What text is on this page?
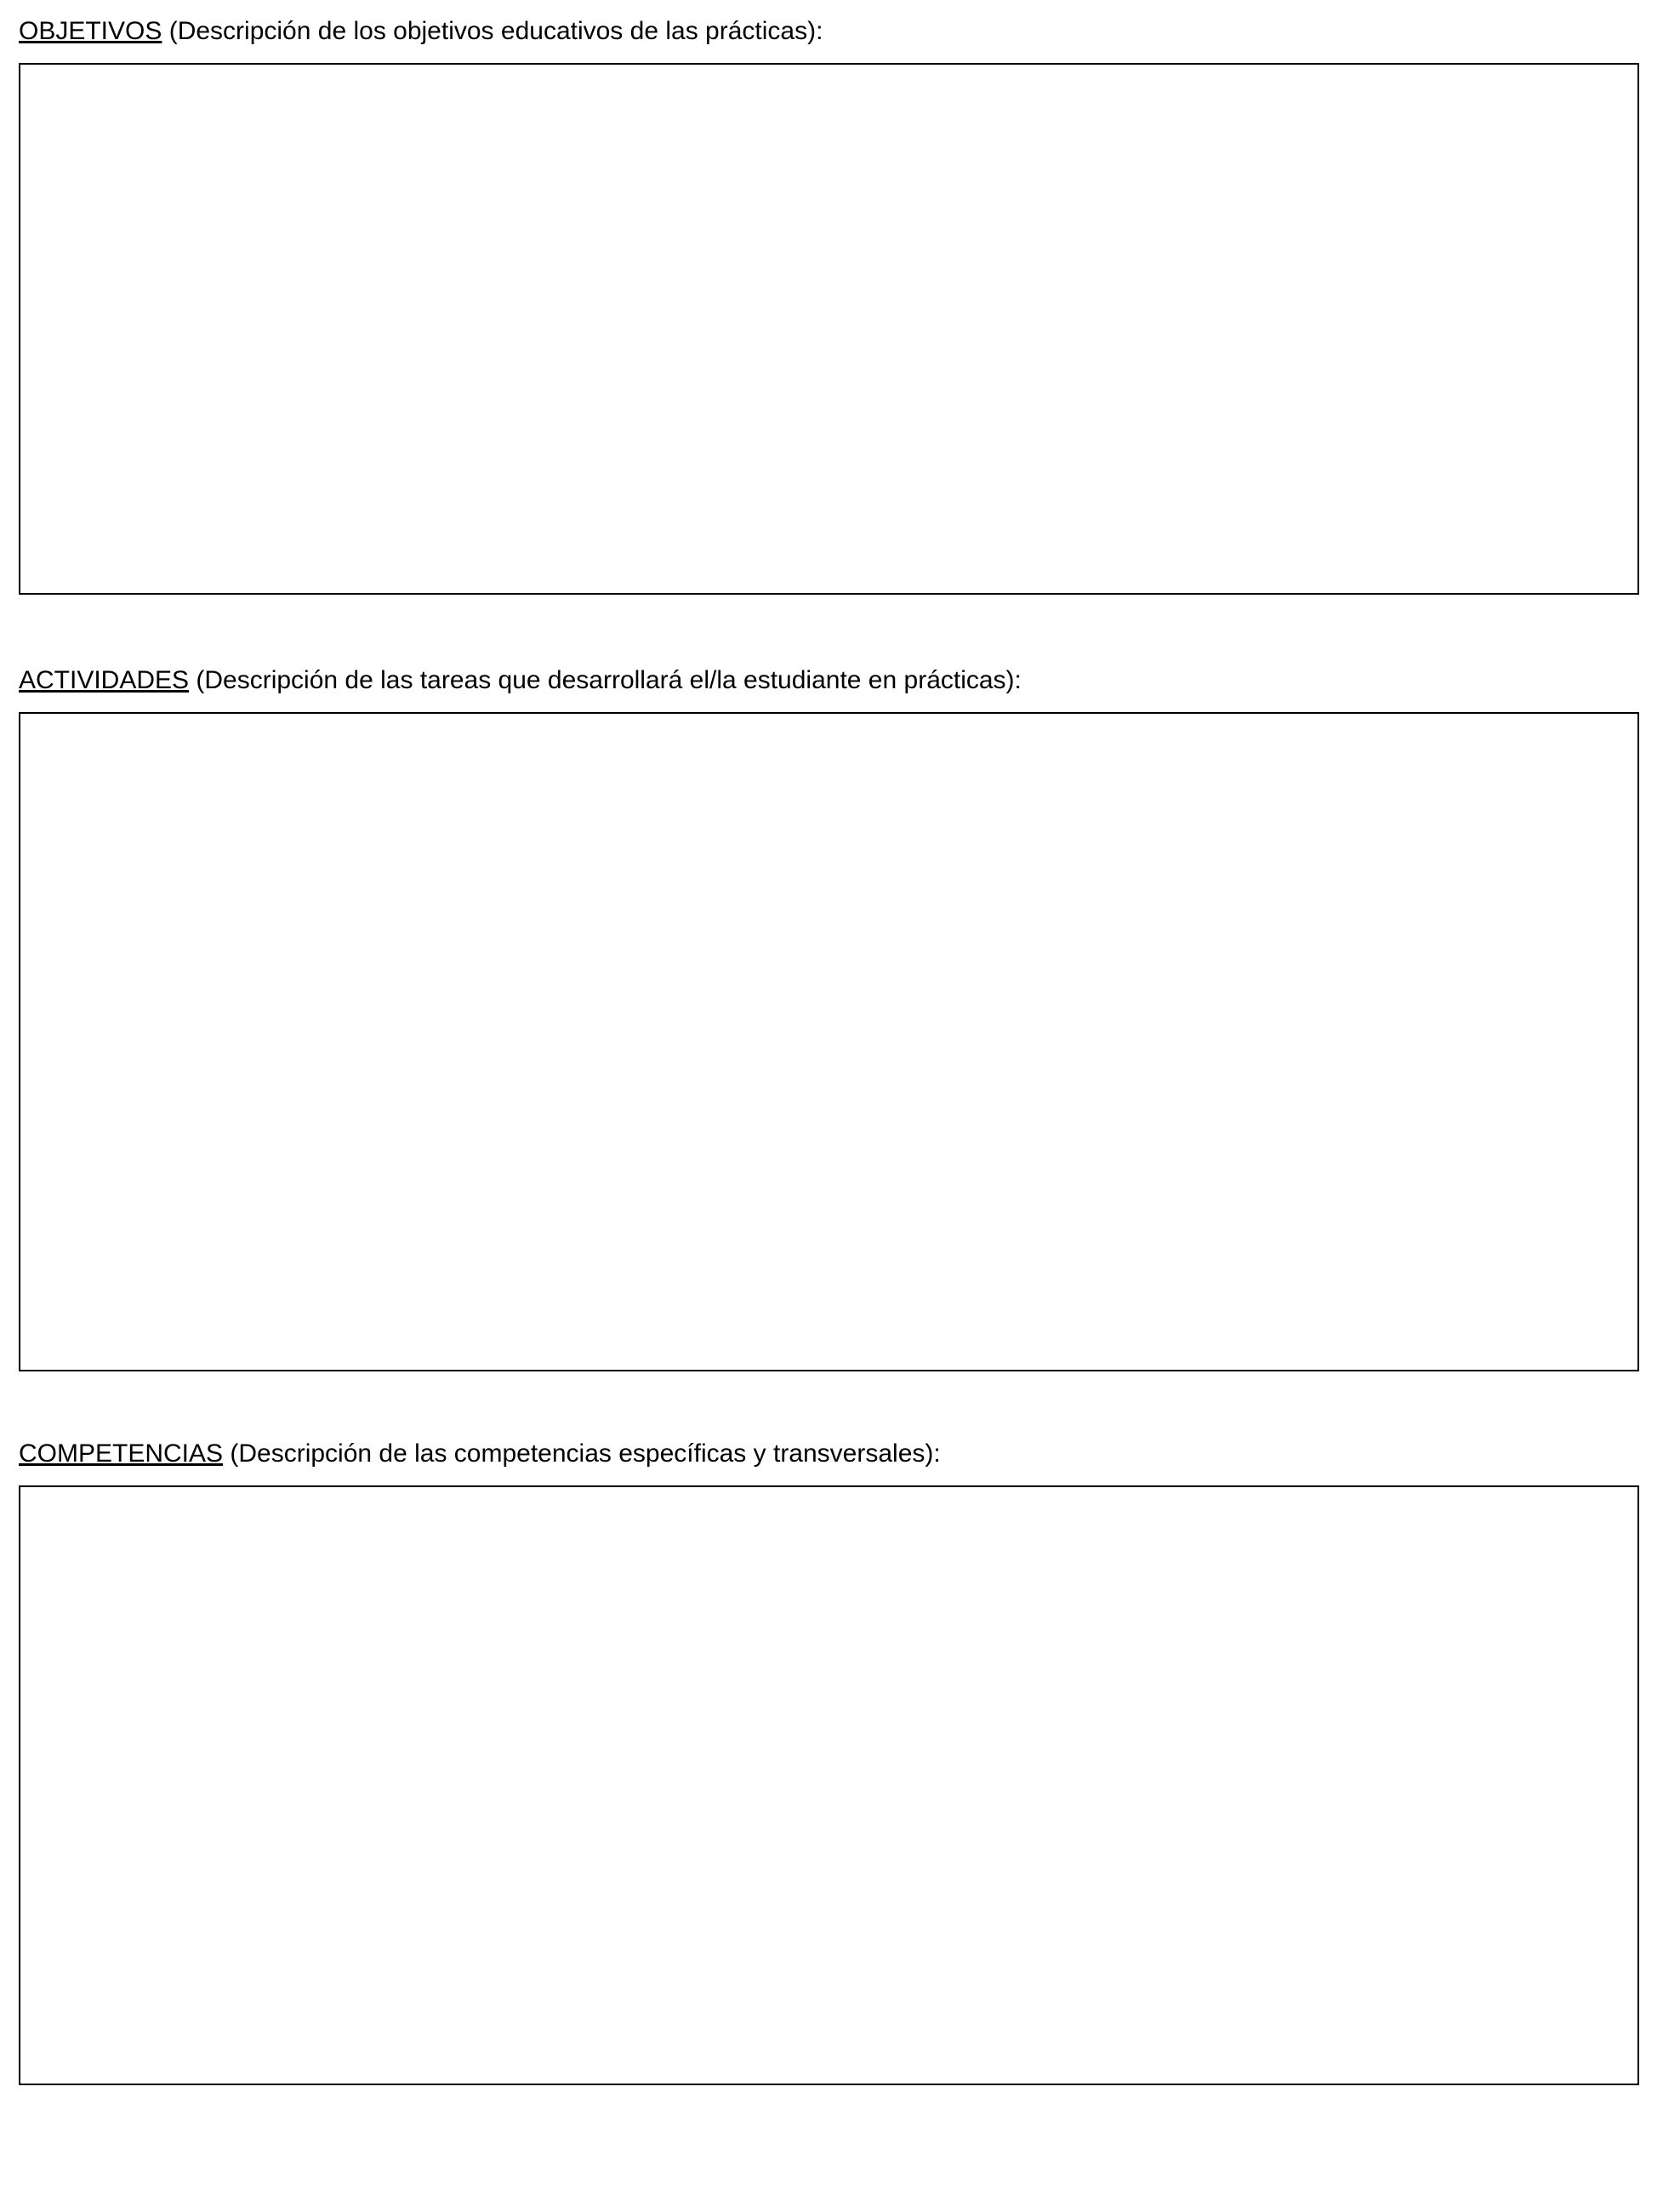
OBJETIVOS (Descripción de los objetivos educativos de las prácticas):
ACTIVIDADES (Descripción de las tareas que desarrollará el/la estudiante en prácticas):
COMPETENCIAS (Descripción de las competencias específicas y transversales):
